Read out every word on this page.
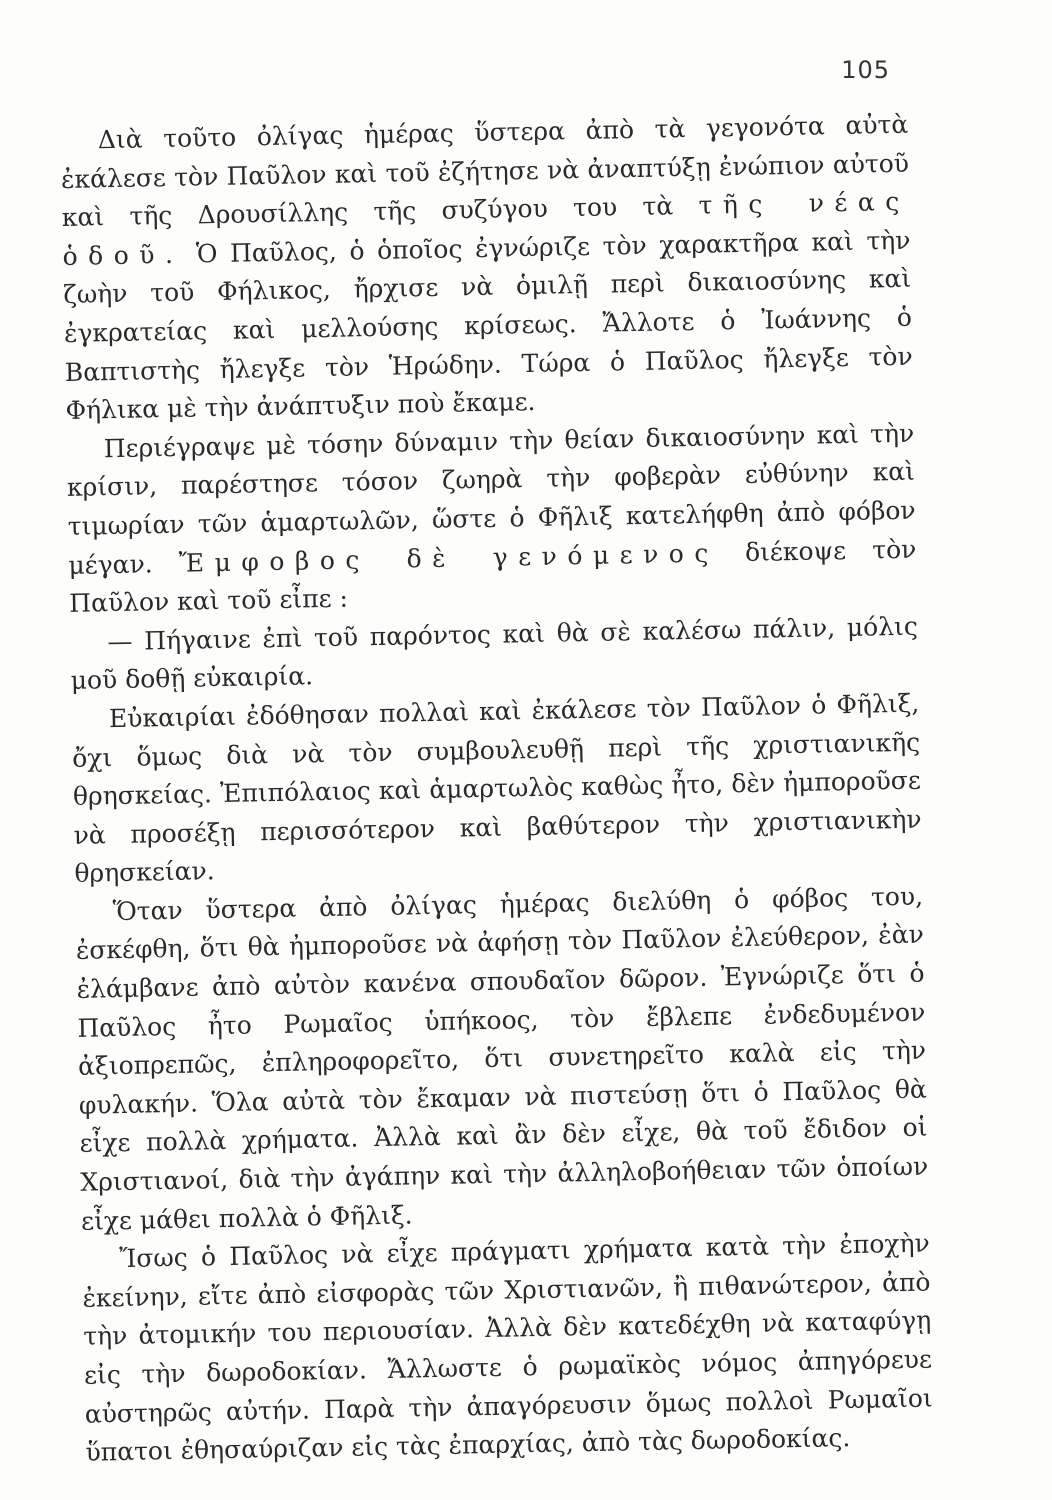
105

Διὰ τοῦτο ὀλίγας ἡμέρας ὕστερα ἀπὸ τὰ γεγονότα αὐτὰ ἐκάλεσε τὸν Παῦλον καὶ τοῦ ἐζήτησε νὰ ἀναπτύξῃ ἐνώπιον αὐτοῦ καὶ τῆς Δρουσίλλης τῆς συζύγου του τὰ τῆς νέας ὁδοῦ. Ὁ Παῦλος, ὁ ὁποῖος ἐγνώριζε τὸν χαρακτῆρα καὶ τὴν ζωὴν τοῦ Φήλικος, ἤρχισε νὰ ὁμιλῇ περὶ δικαιοσύνης καὶ ἐγκρατείας καὶ μελλούσης κρίσεως. Ἄλλοτε ὁ Ἰωάννης ὁ Βαπτιστὴς ἤλεγξε τὸν Ἡρώδην. Τώρα ὁ Παῦλος ἤλεγξε τὸν Φήλικα μὲ τὴν ἀνάπτυξιν ποὺ ἔκαμε.

Περιέγραψε μὲ τόσην δύναμιν τὴν θείαν δικαιοσύνην καὶ τὴν κρίσιν, παρέστησε τόσον ζωηρὰ τὴν φοβερὰν εὐθύνην καὶ τιμωρίαν τῶν ἁμαρτωλῶν, ὥστε ὁ Φῆλιξ κατελήφθη ἀπὸ φόβον μέγαν. Ἔμφοβος δὲ γενόμενος διέκοψε τὸν Παῦλον καὶ τοῦ εἶπε :

— Πήγαινε ἐπὶ τοῦ παρόντος καὶ θὰ σὲ καλέσω πάλιν, μόλις μοῦ δοθῇ εὐκαιρία.

Εὐκαιρίαι ἐδόθησαν πολλαὶ καὶ ἐκάλεσε τὸν Παῦλον ὁ Φῆλιξ, ὄχι ὅμως διὰ νὰ τὸν συμβουλευθῇ περὶ τῆς χριστιανικῆς θρησκείας. Ἐπιπόλαιος καὶ ἁμαρτωλὸς καθὼς ἦτο, δὲν ἠμποροῦσε νὰ προσέξῃ περισσότερον καὶ βαθύτερον τὴν χριστιανικὴν θρησκείαν.

Ὅταν ὕστερα ἀπὸ ὀλίγας ἡμέρας διελύθη ὁ φόβος του, ἐσκέφθη, ὅτι θὰ ἠμποροῦσε νὰ ἀφήσῃ τὸν Παῦλον ἐλεύθερον, ἐὰν ἐλάμβανε ἀπὸ αὐτὸν κανένα σπουδαῖον δῶρον. Ἐγνώριζε ὅτι ὁ Παῦλος ἦτο Ρωμαῖος ὑπήκοος, τὸν ἔβλεπε ἐνδεδυμένον ἀξιοπρεπῶς, ἐπληροφορεῖτο, ὅτι συνετηρεῖτο καλὰ εἰς τὴν φυλακήν. Ὅλα αὐτὰ τὸν ἔκαμαν νὰ πιστεύσῃ ὅτι ὁ Παῦλος θὰ εἶχε πολλὰ χρήματα. Ἀλλὰ καὶ ἂν δὲν εἶχε, θὰ τοῦ ἔδιδον οἱ Χριστιανοί, διὰ τὴν ἀγάπην καὶ τὴν ἀλληλοβοήθειαν τῶν ὁποίων εἶχε μάθει πολλὰ ὁ Φῆλιξ.

Ἴσως ὁ Παῦλος νὰ εἶχε πράγματι χρήματα κατὰ τὴν ἐποχὴν ἐκείνην, εἴτε ἀπὸ εἰσφορὰς τῶν Χριστιανῶν, ἢ πιθανώτερον, ἀπὸ τὴν ἀτομικήν του περιουσίαν. Ἀλλὰ δὲν κατεδέχθη νὰ καταφύγῃ εἰς τὴν δωροδοκίαν. Ἄλλωστε ὁ ρωμαϊκὸς νόμος ἀπηγόρευε αὐστηρῶς αὐτήν. Παρὰ τὴν ἀπαγόρευσιν ὅμως πολλοὶ Ρωμαῖοι ὕπατοι ἐθησαύριζαν εἰς τὰς ἐπαρχίας, ἀπὸ τὰς δωροδοκίας.
